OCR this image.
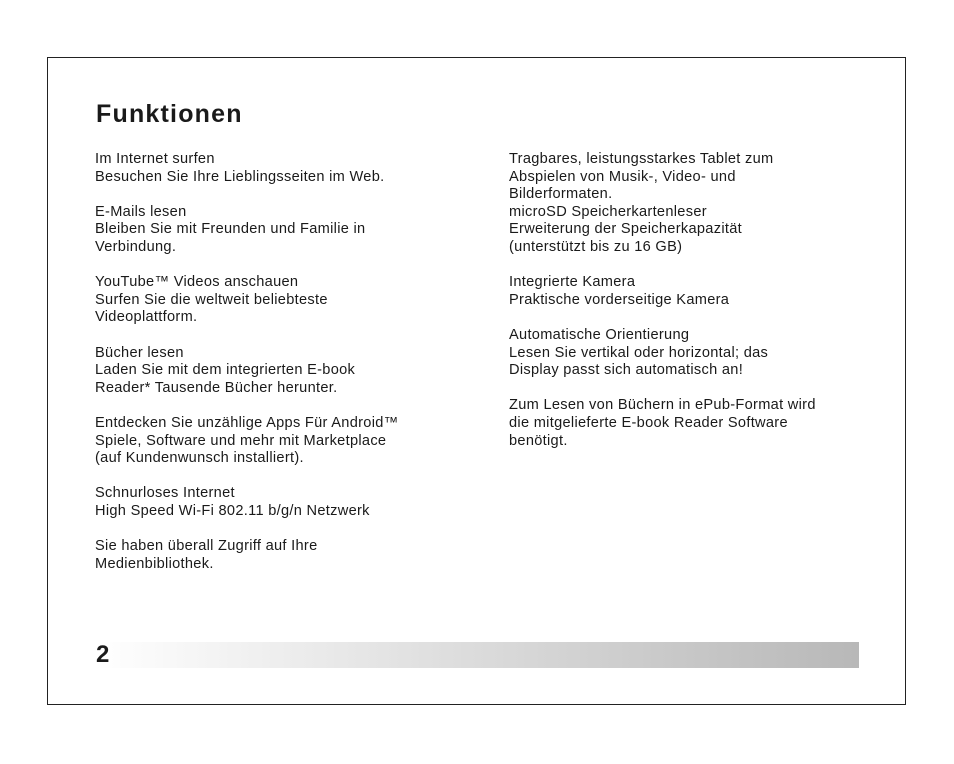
Funktionen
Im Internet surfen
Besuchen Sie Ihre Lieblingsseiten im Web.
E-Mails lesen
Bleiben Sie mit Freunden und Familie in
Verbindung.
YouTube™ Videos anschauen
Surfen Sie die weltweit beliebteste
Videoplattform.
Bücher lesen
Laden Sie mit dem integrierten E-book
Reader* Tausende Bücher herunter.
Entdecken Sie unzählige Apps Für Android™
Spiele, Software und mehr mit Marketplace
(auf Kundenwunsch installiert).
Schnurloses Internet
High Speed Wi-Fi 802.11 b/g/n Netzwerk
Sie haben überall Zugriff auf Ihre
Medienbibliothek.
Tragbares, leistungsstarkes Tablet zum
Abspielen von Musik-, Video- und
Bilderformaten.
microSD Speicherkartenleser
Erweiterung der Speicherkapazität
(unterstützt bis zu 16 GB)
Integrierte Kamera
Praktische vorderseitige Kamera
Automatische Orientierung
Lesen Sie vertikal oder horizontal; das
Display passt sich automatisch an!
Zum Lesen von Büchern in ePub-Format wird
die mitgelieferte E-book Reader Software
benötigt.
2
